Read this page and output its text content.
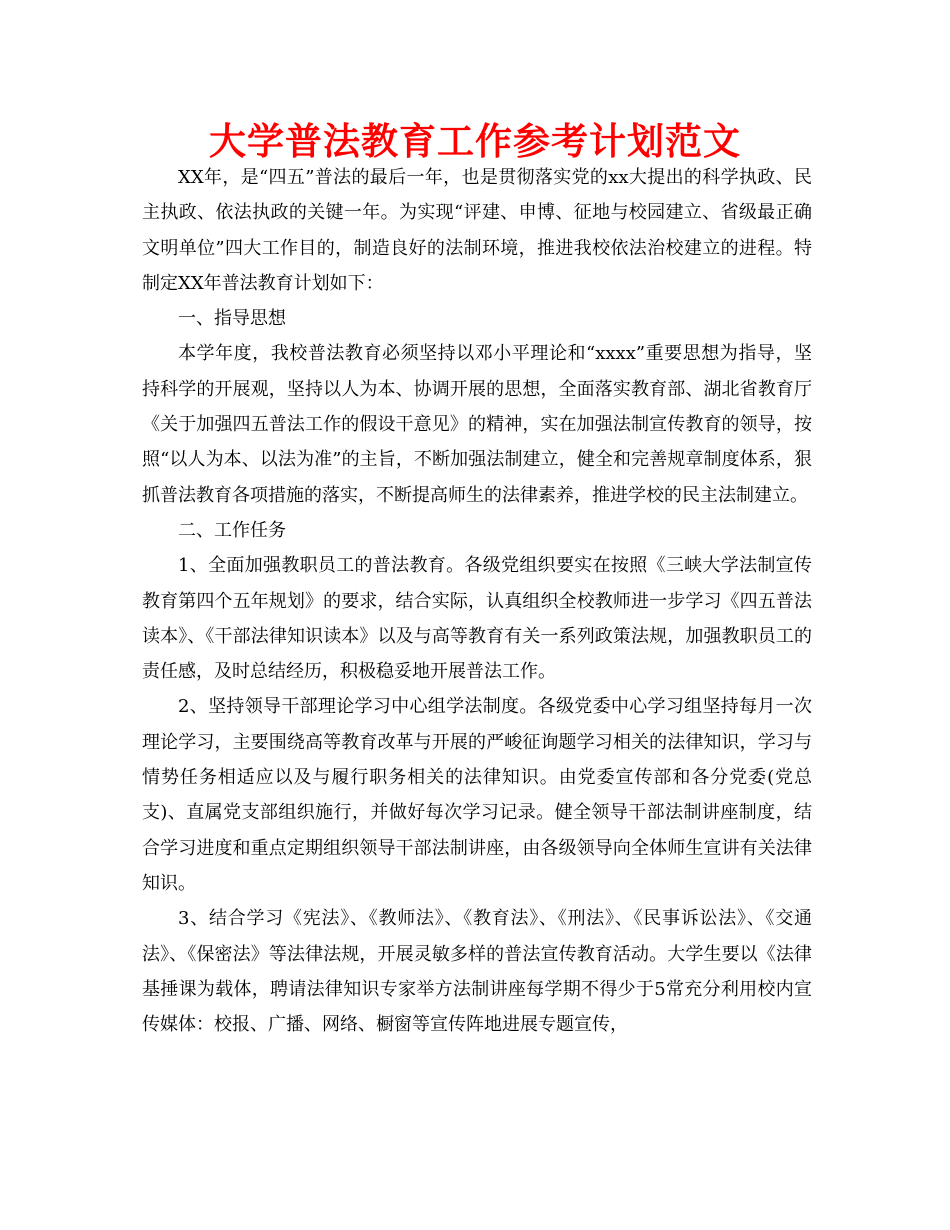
大学普法教育工作参考计划范文

XX年，是“四五”普法的最后一年，也是贯彻落实党的xx大提出的科学执政、民主执政、依法执政的关键一年。为实现“评建、申博、征地与校园建立、省级最正确文明单位”四大工作目的，制造良好的法制环境，推进我校依法治校建立的进程。特制定XX年普法教育计划如下：

一、指导思想

本学年度，我校普法教育必须坚持以邓小平理论和“xxxx”重要思想为指导，坚持科学的开展观，坚持以人为本、协调开展的思想，全面落实教育部、湖北省教育厅《关于加强四五普法工作的假设干意见》的精神，实在加强法制宣传教育的领导，按照“以人为本、以法为准”的主旨，不断加强法制建立，健全和完善规章制度体系，狠抓普法教育各项措施的落实，不断提高师生的法律素养，推进学校的民主法制建立。

二、工作任务

1、全面加强教职员工的普法教育。各级党组织要实在按照《三峡大学法制宣传教育第四个五年规划》的要求，结合实际，认真组织全校教师进一步学习《四五普法读本》、《干部法律知识读本》以及与高等教育有关一系列政策法规，加强教职员工的责任感，及时总结经历，积极稳妥地开展普法工作。

2、坚持领导干部理论学习中心组学法制度。各级党委中心学习组坚持每月一次理论学习，主要围绕高等教育改革与开展的严峻征询题学习相关的法律知识，学习与情势任务相适应以及与履行职务相关的法律知识。由党委宣传部和各分党委(党总支)、直属党支部组织施行，并做好每次学习记录。健全领导干部法制讲座制度，结合学习进度和重点定期组织领导干部法制讲座，由各级领导向全体师生宣讲有关法律知识。

3、结合学习《宪法》、《教师法》、《教育法》、《刑法》、《民事诉讼法》、《交通法》、《保密法》等法律法规，开展灵敏多样的普法宣传教育活动。大学生要以《法律基捶课为载体，聘请法律知识专家举方法制讲座每学期不得少于5常充分利用校内宣传媒体：校报、广播、网络、橱窗等宣传阵地进展专题宣传，
